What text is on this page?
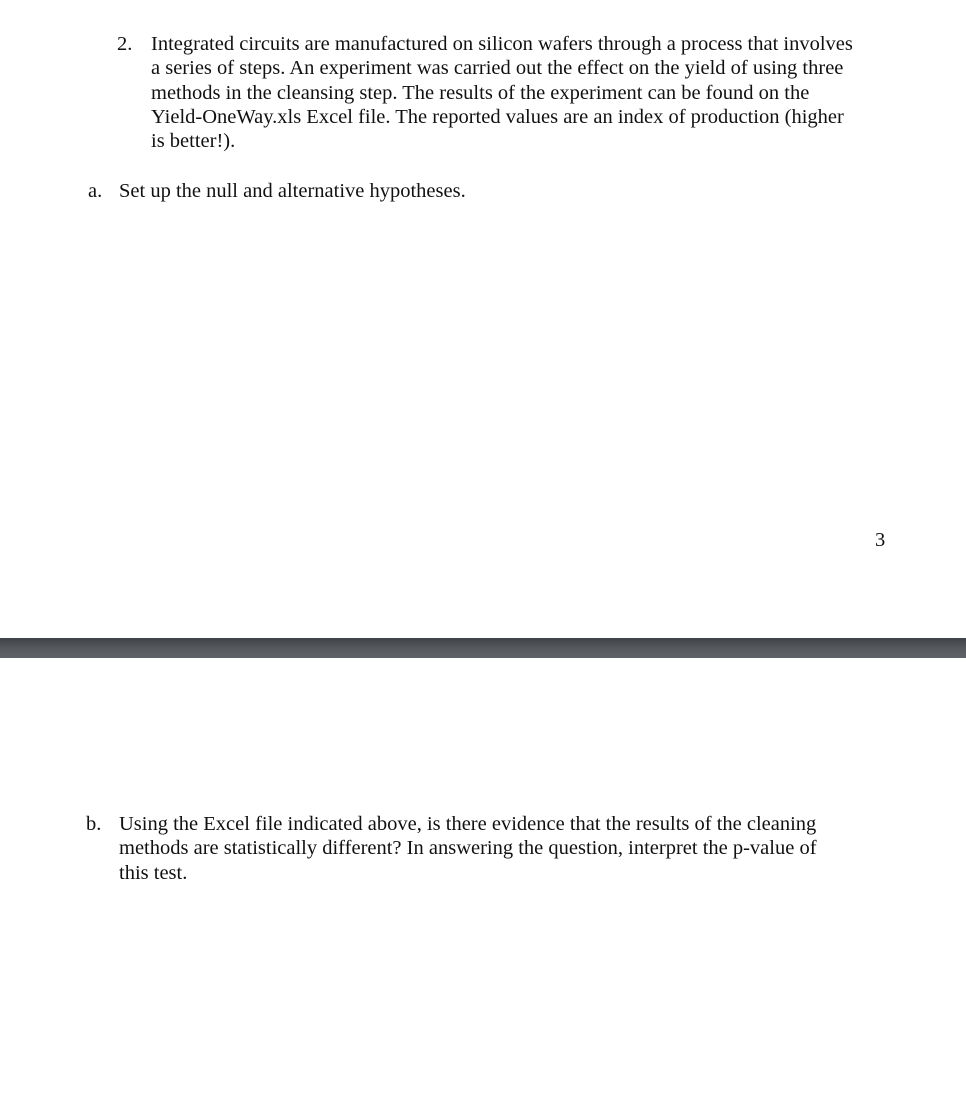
2. Integrated circuits are manufactured on silicon wafers through a process that involves
a series of steps. An experiment was carried out the effect on the yield of using three
methods in the cleansing step. The results of the experiment can be found on the
Yield-OneWay.xls Excel file. The reported values are an index of production (higher
is better!).
a. Set up the null and alternative hypotheses.
3
b. Using the Excel file indicated above, is there evidence that the results of the cleaning
methods are statistically different? In answering the question, interpret the p-value of
this test.
